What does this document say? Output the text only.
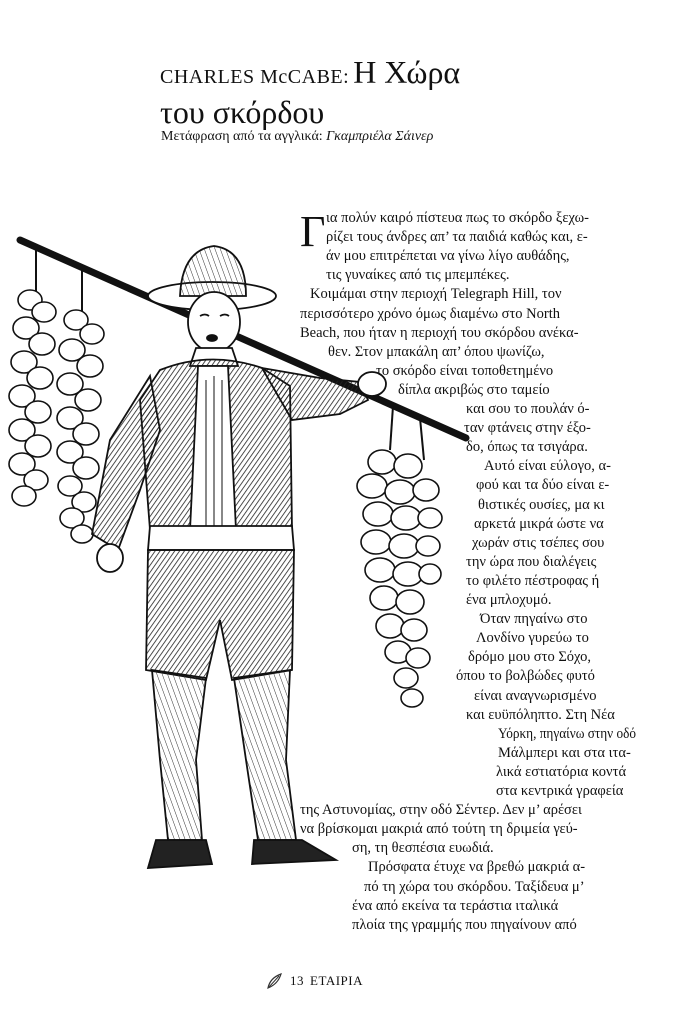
CHARLES McCABE: Η Χώρα
του σκόρδου
Μετάφραση από τα αγγλικά: Γκαμπριέλα Σάινερ
Γ ια πολύν καιρό πίστευα πως το σκόρδο ξεχω-
ρίζει τους άνδρες απ’ τα παιδιά καθώς και, ε-
άν μου επιτρέπεται να γίνω λίγο αυθάδης,
τις γυναίκες από τις μπεμπέκες.
Κοιμάμαι στην περιοχή Telegraph Hill, τον
περισσότερο χρόνο όμως διαμένω στο North
Beach, που ήταν η περιοχή του σκόρδου ανέκα-
θεν. Στον μπακάλη απ’ όπου ψωνίζω,
το σκόρδο είναι τοποθετημένο
δίπλα ακριβώς στο ταμείο
και σου το πουλάν ό-
ταν φτάνεις στην έξο-
δο, όπως τα τσιγάρα.
Αυτό είναι εύλογο, α-
φού και τα δύο είναι ε-
θιστικές ουσίες, μα κι
αρκετά μικρά ώστε να
χωράν στις τσέπες σου
την ώρα που διαλέγεις
το φιλέτο πέστροφας ή
ένα μπλοχυμό.
Όταν πηγαίνω στο
Λονδίνο γυρεύω το
δρόμο μου στο Σόχο,
όπου το βολβώδες φυτό
είναι αναγνωρισμένο
και ευϋπόληπτο. Στη Νέα
Υόρκη, πηγαίνω στην οδό
Μάλμπερι και στα ιτα-
λικά εστιατόρια κοντά
στα κεντρικά γραφεία
της Αστυνομίας, στην οδό Σέντερ. Δεν μ’ αρέσει
να βρίσκομαι μακριά από τούτη τη δριμεία γεύ-
ση, τη θεσπέσια ευωδιά.
Πρόσφατα έτυχε να βρεθώ μακριά α-
πό τη χώρα του σκόρδου. Ταξίδευα μ’
ένα από εκείνα τα τεράστια ιταλικά
πλοία της γραμμής που πηγαίνουν από
13 ΕΤΑΙΡΙΑ
